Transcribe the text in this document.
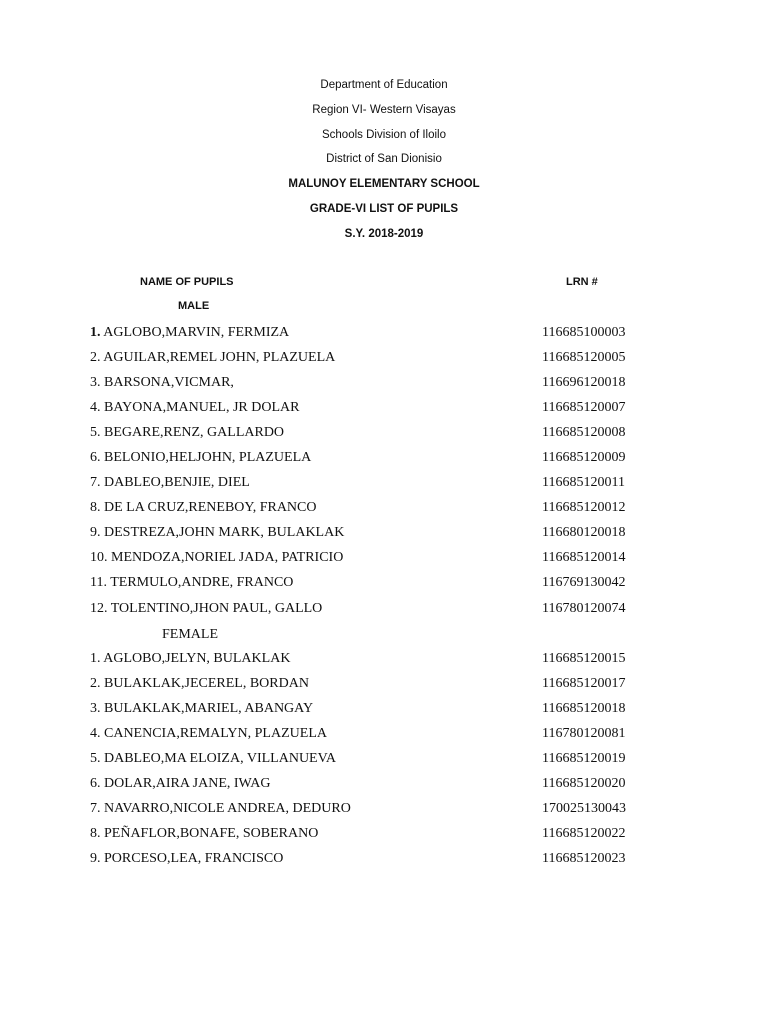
Department of Education
Region VI- Western Visayas
Schools Division of Iloilo
District of San Dionisio
MALUNOY ELEMENTARY SCHOOL
GRADE-VI LIST OF PUPILS
S.Y. 2018-2019
NAME OF PUPILS	LRN #
MALE
1. AGLOBO,MARVIN, FERMIZA	116685100003
2. AGUILAR,REMEL JOHN, PLAZUELA	116685120005
3. BARSONA,VICMAR,	116696120018
4. BAYONA,MANUEL, JR DOLAR	116685120007
5. BEGARE,RENZ, GALLARDO	116685120008
6. BELONIO,HELJOHN, PLAZUELA	116685120009
7. DABLEO,BENJIE, DIEL	116685120011
8. DE LA CRUZ,RENEBOY, FRANCO	116685120012
9. DESTREZA,JOHN MARK, BULAKLAK	116680120018
10. MENDOZA,NORIEL JADA, PATRICIO	116685120014
11. TERMULO,ANDRE, FRANCO	116769130042
12. TOLENTINO,JHON PAUL, GALLO	116780120074
FEMALE
1. AGLOBO,JELYN, BULAKLAK	116685120015
2. BULAKLAK,JECEREL, BORDAN	116685120017
3. BULAKLAK,MARIEL, ABANGAY	116685120018
4. CANENCIA,REMALYN, PLAZUELA	116780120081
5. DABLEO,MA ELOIZA, VILLANUEVA	116685120019
6. DOLAR,AIRA JANE, IWAG	116685120020
7. NAVARRO,NICOLE ANDREA, DEDURO	170025130043
8. PEÑAFLOR,BONAFE, SOBERANO	116685120022
9. PORCESO,LEA, FRANCISCO	116685120023
